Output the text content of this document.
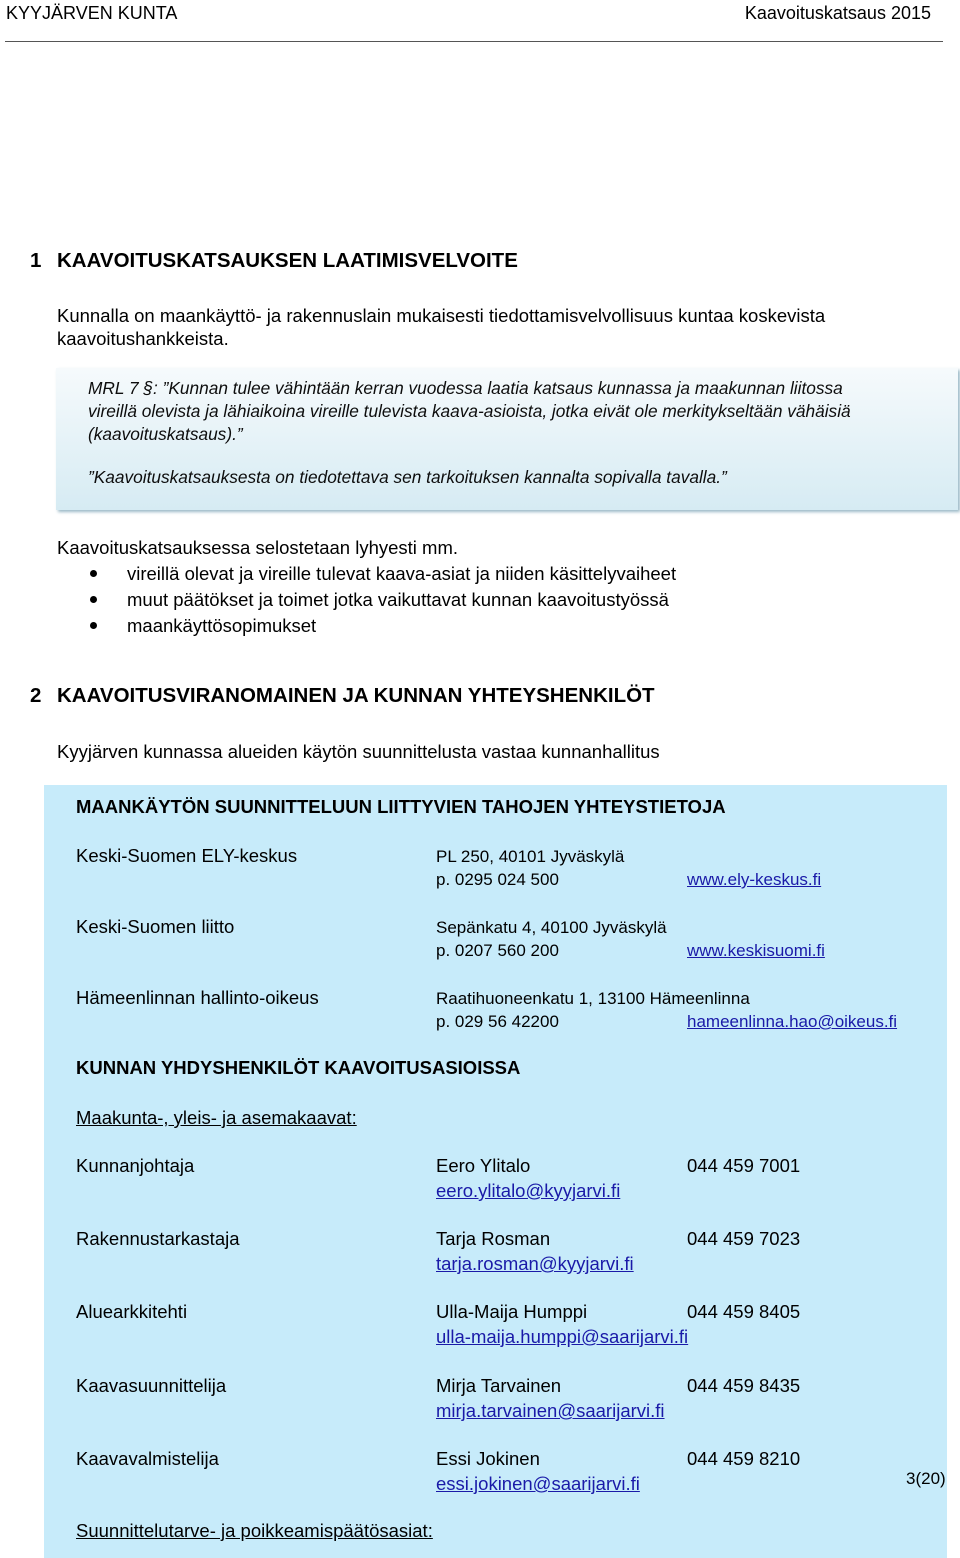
KYYJÄRVEN KUNTA	Kaavoituskatsaus 2015
1 KAAVOITUSKATSAUKSEN LAATIMISVELVOITE
Kunnalla on maankäyttö- ja rakennuslain mukaisesti tiedottamisvelvollisuus kuntaa koskevista
kaavoitushankkeista.
MRL 7 §: ”Kunnan tulee vähintään kerran vuodessa laatia katsaus kunnassa ja maakunnan liitossa
vireillä olevista ja lähiaikoina vireille tulevista kaava-asioista, jotka eivät ole merkitykseltään vähäisiä
(kaavoituskatsaus).”
”Kaavoituskatsauksesta on tiedotettava sen tarkoituksen kannalta sopivalla tavalla.”
Kaavoituskatsauksessa selostetaan lyhyesti mm.
vireillä olevat ja vireille tulevat kaava-asiat ja niiden käsittelyvaiheet
muut päätökset ja toimet jotka vaikuttavat kunnan kaavoitustyössä
maankäyttösopimukset
2 KAAVOITUSVIRANOMAINEN JA KUNNAN YHTEYSHENKILÖT
Kyyjärven kunnassa alueiden käytön suunnittelusta vastaa kunnanhallitus
MAANKÄYTÖN SUUNNITTELUUN LIITTYVIEN TAHOJEN YHTEYSTIETOJA
Keski-Suomen ELY-keskus	PL 250, 40101 Jyväskylä
p. 0295 024 500	www.ely-keskus.fi
Keski-Suomen liitto	Sepänkatu 4, 40100 Jyväskylä
p. 0207 560 200	www.keskisuomi.fi
Hämeenlinnan hallinto-oikeus	Raatihuoneenkatu 1, 13100 Hämeenlinna
p. 029 56 42200	hameenlinna.hao@oikeus.fi
KUNNAN YHDYSHENKILÖT KAAVOITUSASIOISSA
Maakunta-, yleis- ja asemakaavat:
Kunnanjohtaja	Eero Ylitalo	044 459 7001
eero.ylitalo@kyyjarvi.fi
Rakennustarkastaja	Tarja Rosman	044 459 7023
tarja.rosman@kyyjarvi.fi
Aluearkkitehti	Ulla-Maija Humppi	044 459 8405
ulla-maija.humppi@saarijarvi.fi
Kaavasuunnittelija	Mirja Tarvainen	044 459 8435
mirja.tarvainen@saarijarvi.fi
Kaavavalmistelija	Essi Jokinen	044 459 8210
essi.jokinen@saarijarvi.fi
Suunnittelutarve- ja poikkeamispäätösasiat:
3(20)
